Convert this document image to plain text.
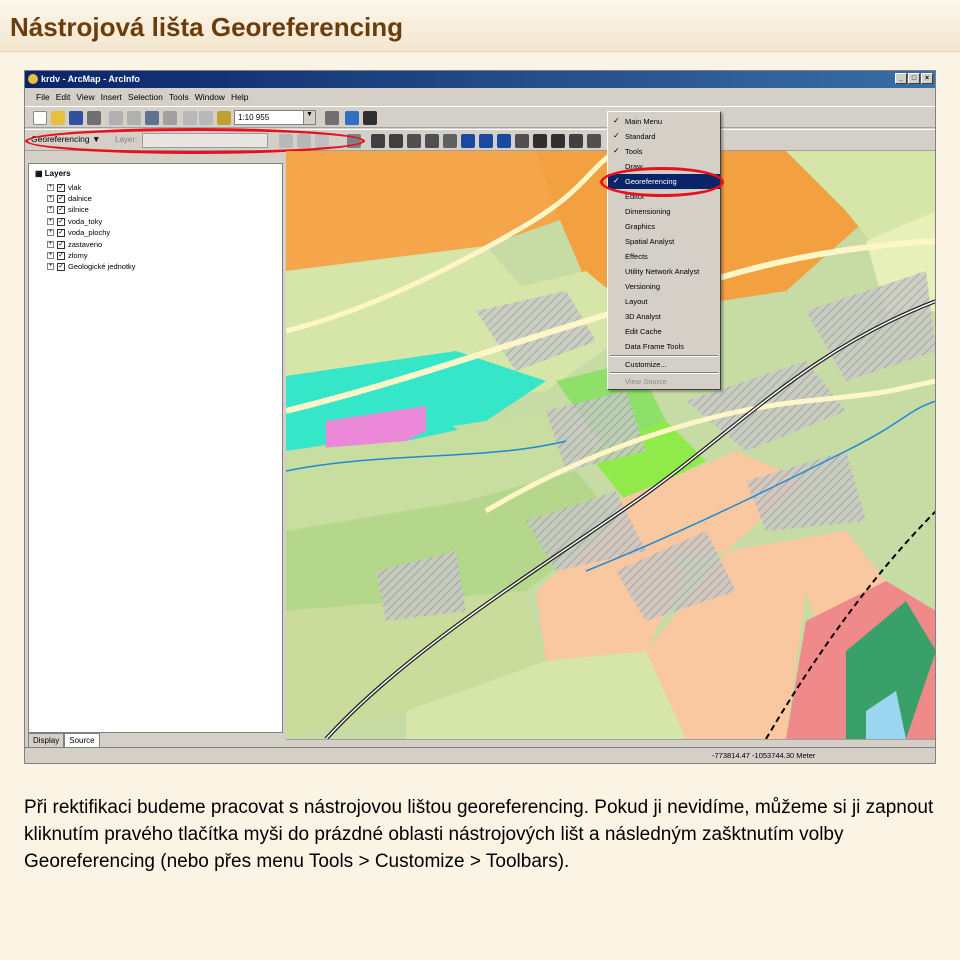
Nástrojová lišta Georeferencing
krdv - ArcMap - ArcInfo	_	□	×
File Edit View Insert Selection Tools Window Help
1:10 955	▼
Georeferencing ▼ Layer:
▦ Layers
+ ✓ vlak
+ ✓ dalnice
+ ✓ silnice
+ ✓ voda_toky
+ ✓ voda_plochy
+ ✓ zastaveno
+ ✓ zlomy
+ ✓ Geologické jednotky
Display	Source
✓ Main Menu
✓ Standard
✓ Tools
Draw
✓ Georeferencing
Editor
Dimensioning
Graphics
Spatial Analyst
Effects
Utility Network Analyst
Versioning
Layout
3D Analyst
Edit Cache
Data Frame Tools
Customize...
View Source
-773814.47 -1053744.30 Meter
Při rektifikaci budeme pracovat s nástrojovou lištou georeferencing. Pokud ji nevidíme, můžeme si ji zapnout kliknutím pravého tlačítka myši do prázdné oblasti nástrojových lišt a následným zašktnutím volby Georeferencing (nebo přes menu Tools > Customize > Toolbars).
